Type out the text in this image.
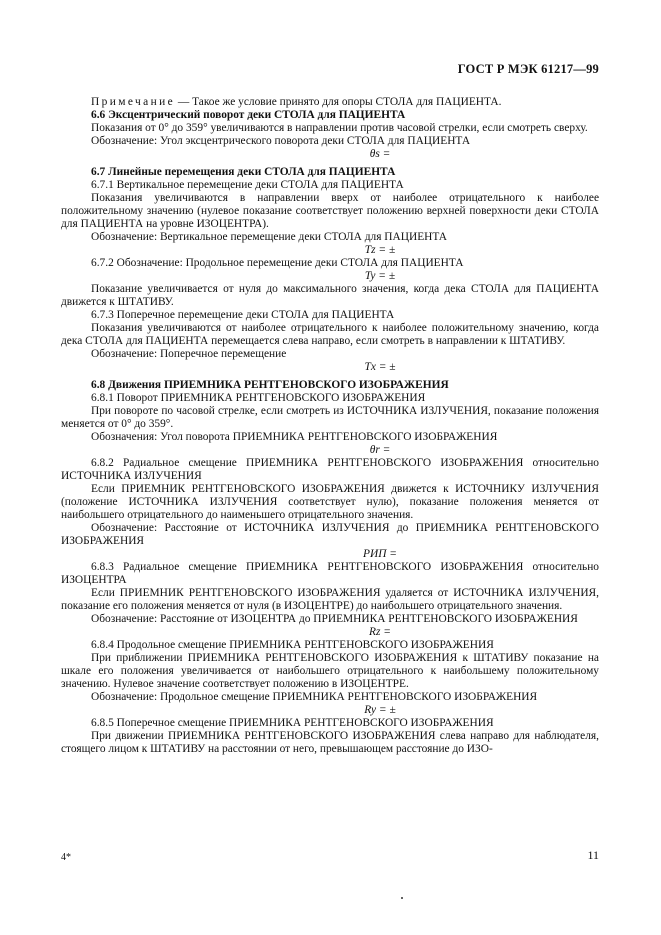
ГОСТ Р МЭК 61217—99

Примечание — Такое же условие принято для опоры СТОЛА для ПАЦИЕНТА.

6.6 Эксцентрический поворот деки СТОЛА для ПАЦИЕНТА

Показания от 0° до 359° увеличиваются в направлении против часовой стрелки, если смотреть сверху.

Обозначение: Угол эксцентрического поворота деки СТОЛА для ПАЦИЕНТА

θs =

6.7 Линейные перемещения деки СТОЛА для ПАЦИЕНТА

6.7.1 Вертикальное перемещение деки СТОЛА для ПАЦИЕНТА

Показания увеличиваются в направлении вверх от наиболее отрицательного к наиболее положительному значению (нулевое показание соответствует положению верхней поверхности деки СТОЛА для ПАЦИЕНТА на уровне ИЗОЦЕНТРА).

Обозначение: Вертикальное перемещение деки СТОЛА для ПАЦИЕНТА

Tz = ±

6.7.2 Обозначение: Продольное перемещение деки СТОЛА для ПАЦИЕНТА

Ty = ±

Показание увеличивается от нуля до максимального значения, когда дека СТОЛА для ПАЦИЕНТА движется к ШТАТИВУ.

6.7.3 Поперечное перемещение деки СТОЛА для ПАЦИЕНТА

Показания увеличиваются от наиболее отрицательного к наиболее положительному значению, когда дека СТОЛА для ПАЦИЕНТА перемещается слева направо, если смотреть в направлении к ШТАТИВУ.

Обозначение: Поперечное перемещение

Tx = ±

6.8 Движения ПРИЕМНИКА РЕНТГЕНОВСКОГО ИЗОБРАЖЕНИЯ

6.8.1 Поворот ПРИЕМНИКА РЕНТГЕНОВСКОГО ИЗОБРАЖЕНИЯ

При повороте по часовой стрелке, если смотреть из ИСТОЧНИКА ИЗЛУЧЕНИЯ, показание положения меняется от 0° до 359°.

Обозначения: Угол поворота ПРИЕМНИКА РЕНТГЕНОВСКОГО ИЗОБРАЖЕНИЯ

θr =

6.8.2 Радиальное смещение ПРИЕМНИКА РЕНТГЕНОВСКОГО ИЗОБРАЖЕНИЯ относительно ИСТОЧНИКА ИЗЛУЧЕНИЯ

Если ПРИЕМНИК РЕНТГЕНОВСКОГО ИЗОБРАЖЕНИЯ движется к ИСТОЧНИКУ ИЗЛУЧЕНИЯ (положение ИСТОЧНИКА ИЗЛУЧЕНИЯ соответствует нулю), показание положения меняется от наибольшего отрицательного до наименьшего отрицательного значения.

Обозначение: Расстояние от ИСТОЧНИКА ИЗЛУЧЕНИЯ до ПРИЕМНИКА РЕНТГЕНОВСКОГО ИЗОБРАЖЕНИЯ

РИП =

6.8.3 Радиальное смещение ПРИЕМНИКА РЕНТГЕНОВСКОГО ИЗОБРАЖЕНИЯ относительно ИЗОЦЕНТРА

Если ПРИЕМНИК РЕНТГЕНОВСКОГО ИЗОБРАЖЕНИЯ удаляется от ИСТОЧНИКА ИЗЛУЧЕНИЯ, показание его положения меняется от нуля (в ИЗОЦЕНТРЕ) до наибольшего отрицательного значения.

Обозначение: Расстояние от ИЗОЦЕНТРА до ПРИЕМНИКА РЕНТГЕНОВСКОГО ИЗОБРАЖЕНИЯ

Rz =

6.8.4 Продольное смещение ПРИЕМНИКА РЕНТГЕНОВСКОГО ИЗОБРАЖЕНИЯ

При приближении ПРИЕМНИКА РЕНТГЕНОВСКОГО ИЗОБРАЖЕНИЯ к ШТАТИВУ показание на шкале его положения увеличивается от наибольшего отрицательного к наибольшему положительному значению. Нулевое значение соответствует положению в ИЗОЦЕНТРЕ.

Обозначение: Продольное смещение ПРИЕМНИКА РЕНТГЕНОВСКОГО ИЗОБРАЖЕНИЯ

Ry = ±

6.8.5 Поперечное смещение ПРИЕМНИКА РЕНТГЕНОВСКОГО ИЗОБРАЖЕНИЯ

При движении ПРИЕМНИКА РЕНТГЕНОВСКОГО ИЗОБРАЖЕНИЯ слева направо для наблюдателя, стоящего лицом к ШТАТИВУ на расстоянии от него, превышающем расстояние до ИЗО-

4*	11
